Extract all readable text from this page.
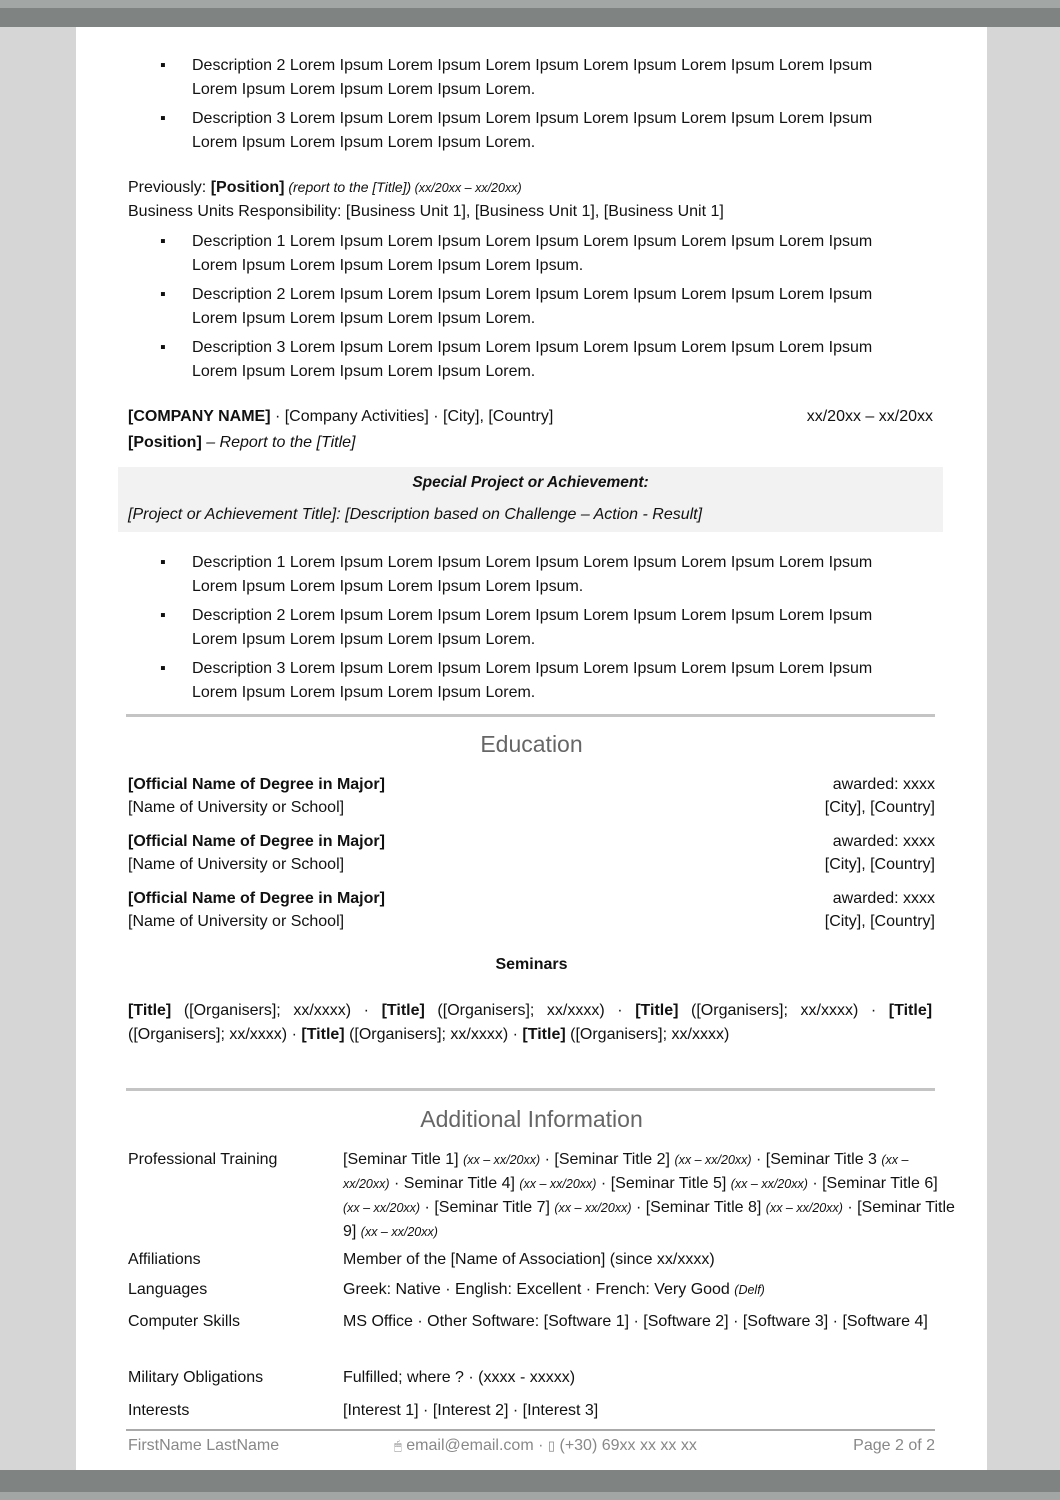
▪ Description 2 Lorem Ipsum Lorem Ipsum Lorem Ipsum Lorem Ipsum Lorem Ipsum Lorem Ipsum Lorem Ipsum Lorem Ipsum Lorem Ipsum Lorem.
▪ Description 3 Lorem Ipsum Lorem Ipsum Lorem Ipsum Lorem Ipsum Lorem Ipsum Lorem Ipsum Lorem Ipsum Lorem Ipsum Lorem Ipsum Lorem.
Previously: [Position] (report to the [Title]) (xx/20xx – xx/20xx)
Business Units Responsibility: [Business Unit 1], [Business Unit 1], [Business Unit 1]
▪ Description 1 Lorem Ipsum Lorem Ipsum Lorem Ipsum Lorem Ipsum Lorem Ipsum Lorem Ipsum Lorem Ipsum Lorem Ipsum Lorem Ipsum Lorem Ipsum.
▪ Description 2 Lorem Ipsum Lorem Ipsum Lorem Ipsum Lorem Ipsum Lorem Ipsum Lorem Ipsum Lorem Ipsum Lorem Ipsum Lorem Ipsum Lorem.
▪ Description 3 Lorem Ipsum Lorem Ipsum Lorem Ipsum Lorem Ipsum Lorem Ipsum Lorem Ipsum Lorem Ipsum Lorem Ipsum Lorem Ipsum Lorem.
[COMPANY NAME] · [Company Activities] · [City], [Country]	xx/20xx – xx/20xx
[Position] – Report to the [Title]
Special Project or Achievement:
[Project or Achievement Title]: [Description based on Challenge – Action - Result]
▪ Description 1 Lorem Ipsum Lorem Ipsum Lorem Ipsum Lorem Ipsum Lorem Ipsum Lorem Ipsum Lorem Ipsum Lorem Ipsum Lorem Ipsum Lorem Ipsum.
▪ Description 2 Lorem Ipsum Lorem Ipsum Lorem Ipsum Lorem Ipsum Lorem Ipsum Lorem Ipsum Lorem Ipsum Lorem Ipsum Lorem Ipsum Lorem.
▪ Description 3 Lorem Ipsum Lorem Ipsum Lorem Ipsum Lorem Ipsum Lorem Ipsum Lorem Ipsum Lorem Ipsum Lorem Ipsum Lorem Ipsum Lorem.
Education
[Official Name of Degree in Major]	awarded: xxxx
[Name of University or School]	[City], [Country]
[Official Name of Degree in Major]	awarded: xxxx
[Name of University or School]	[City], [Country]
[Official Name of Degree in Major]	awarded: xxxx
[Name of University or School]	[City], [Country]
Seminars
[Title] ([Organisers]; xx/xxxx) · [Title] ([Organisers]; xx/xxxx) · [Title] ([Organisers]; xx/xxxx) · [Title] ([Organisers]; xx/xxxx) · [Title] ([Organisers]; xx/xxxx) · [Title] ([Organisers]; xx/xxxx)
Additional Information
Professional Training	[Seminar Title 1] (xx – xx/20xx) · [Seminar Title 2] (xx – xx/20xx) · [Seminar Title 3 (xx – xx/20xx) · Seminar Title 4] (xx – xx/20xx) · [Seminar Title 5] (xx – xx/20xx) · [Seminar Title 6] (xx – xx/20xx) · [Seminar Title 7] (xx – xx/20xx) · [Seminar Title 8] (xx – xx/20xx) · [Seminar Title 9] (xx – xx/20xx)
Affiliations	Member of the [Name of Association] (since xx/xxxx)
Languages	Greek: Native · English: Excellent · French: Very Good (Delf)
Computer Skills	MS Office · Other Software: [Software 1] · [Software 2] · [Software 3] · [Software 4]
Military Obligations	Fulfilled; where ? · (xxxx - xxxxx)
Interests	[Interest 1] · [Interest 2] · [Interest 3]
FirstName LastName	🖱 email@email.com · ▯ (+30) 69xx xx xx xx	Page 2 of 2
